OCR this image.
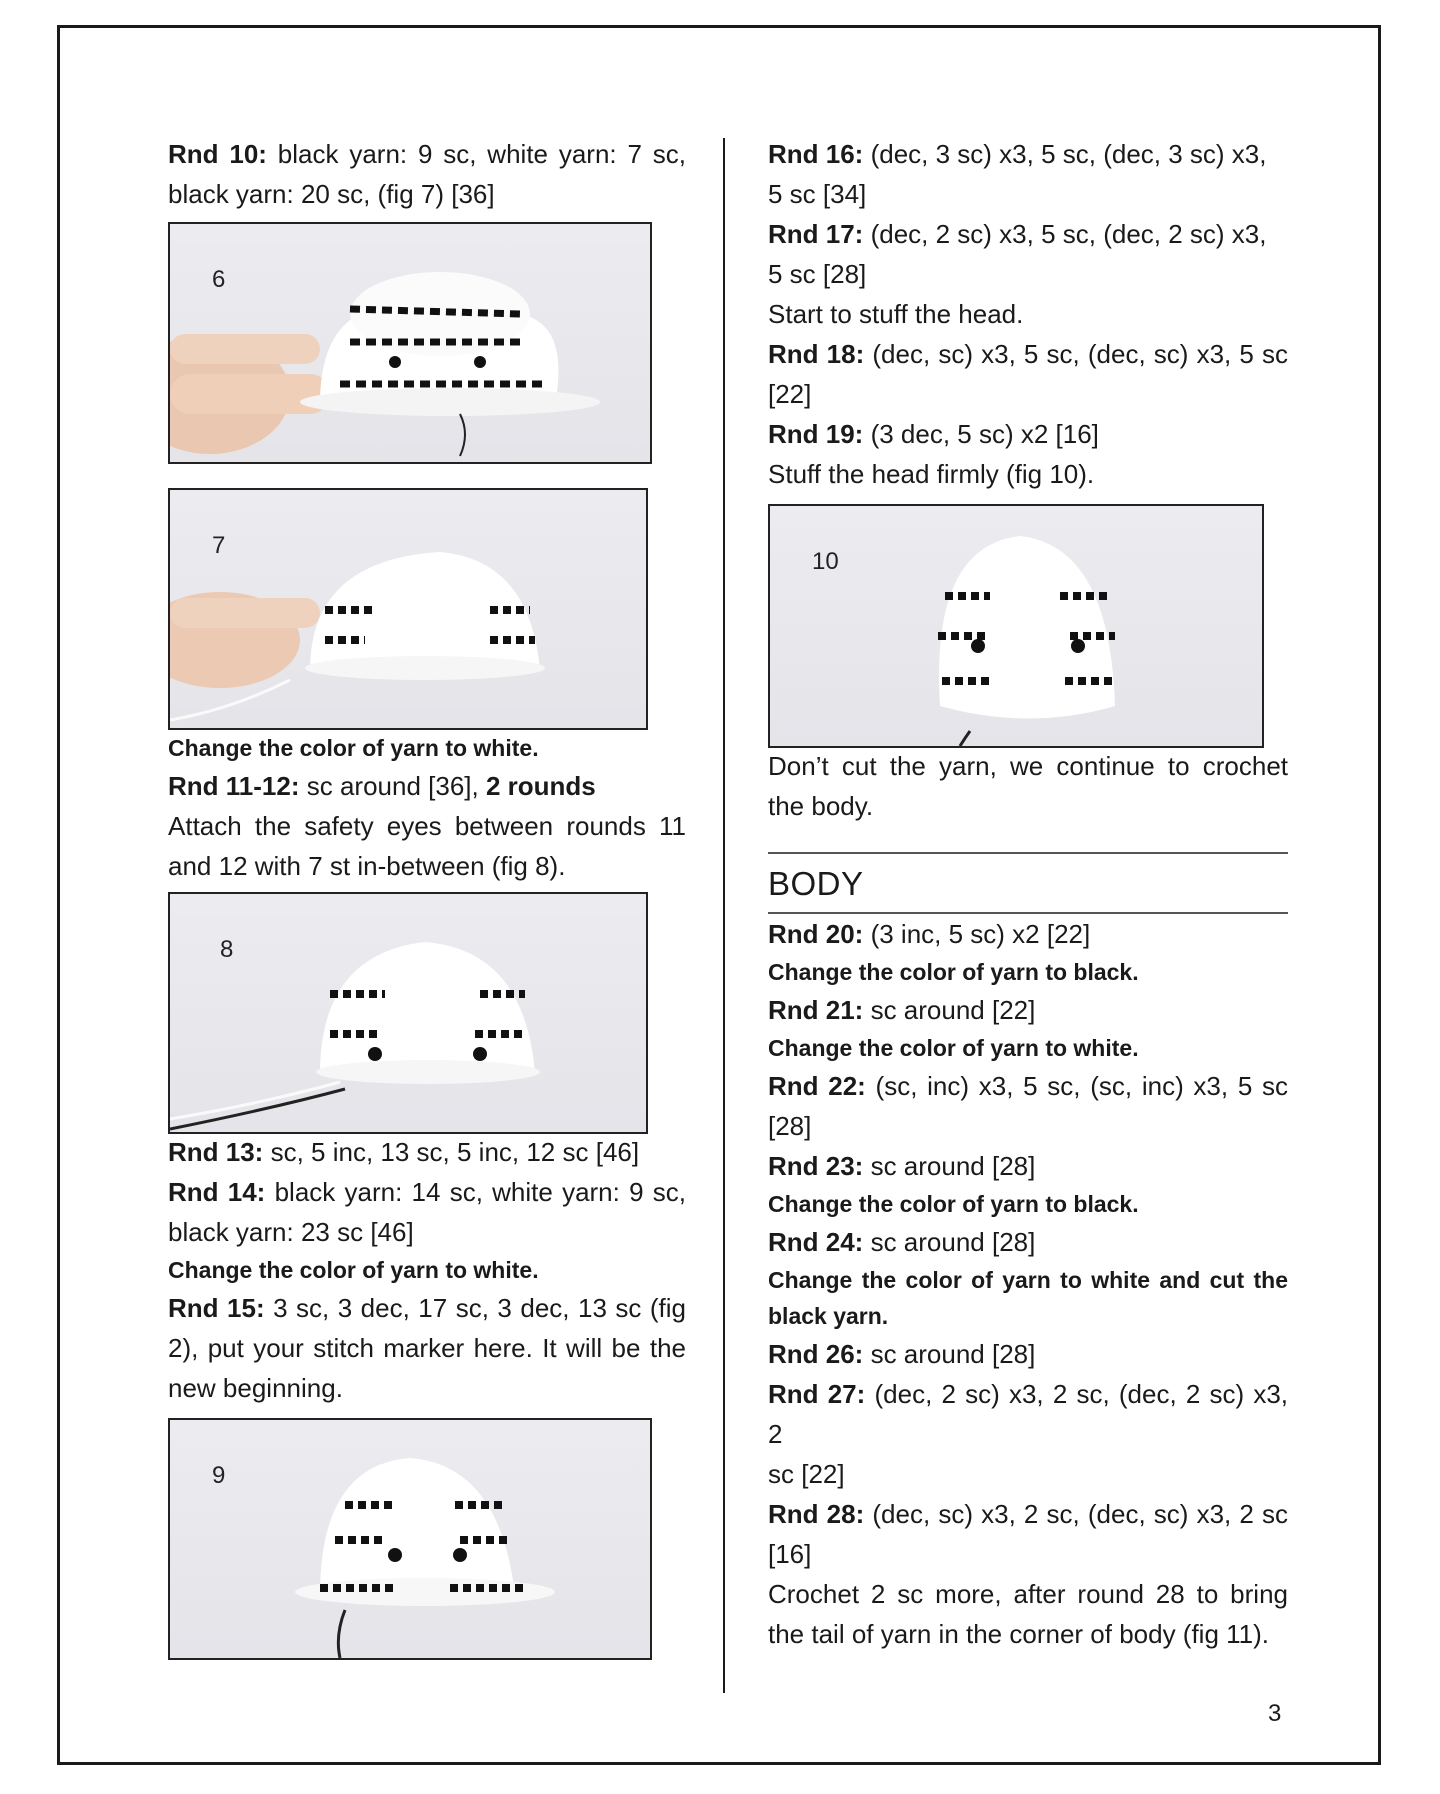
Rnd 10: black yarn: 9 sc, white yarn: 7 sc,

black yarn: 20 sc, (fig 7) [36]

6
7

Change the color of yarn to white.

Rnd 11-12: sc around [36], 2 rounds

Attach the safety eyes between rounds 11

and 12 with 7 st in-between (fig 8).

8

Rnd 13: sc, 5 inc, 13 sc, 5 inc, 12 sc [46]

Rnd 14: black yarn: 14 sc, white yarn: 9 sc,

black yarn: 23 sc [46]

Change the color of yarn to white.

Rnd 15: 3 sc, 3 dec, 17 sc, 3 dec, 13 sc (fig

2), put your stitch marker here. It will be the

new beginning.

9

Rnd 16: (dec, 3 sc) x3, 5 sc, (dec, 3 sc) x3,

5 sc [34]

Rnd 17: (dec, 2 sc) x3, 5 sc, (dec, 2 sc) x3,

5 sc [28]

Start to stuff the head.

Rnd 18: (dec, sc) x3, 5 sc, (dec, sc) x3, 5 sc

[22]

Rnd 19: (3 dec, 5 sc) x2 [16]

Stuff the head firmly (fig 10).

10

Don’t cut the yarn, we continue to crochet

the body.

BODY

Rnd 20: (3 inc, 5 sc) x2 [22]

Change the color of yarn to black.

Rnd 21: sc around [22]

Change the color of yarn to white.

Rnd 22: (sc, inc) x3, 5 sc, (sc, inc) x3, 5 sc

[28]

Rnd 23: sc around [28]

Change the color of yarn to black.

Rnd 24: sc around [28]

Change the color of yarn to white and cut the

black yarn.

Rnd 26: sc around [28]

Rnd 27: (dec, 2 sc) x3, 2 sc, (dec, 2 sc) x3, 2

sc [22]

Rnd 28: (dec, sc) x3, 2 sc, (dec, sc) x3, 2 sc

[16]

Crochet 2 sc more, after round 28 to bring

the tail of yarn in the corner of body (fig 11).

3
